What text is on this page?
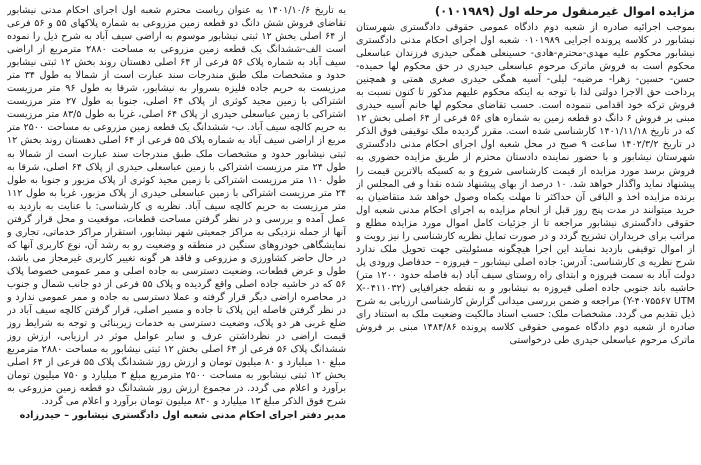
مزایده اموال غیرمنقول مرحله اول (۰۱۰۱۹۸۹)

بموجب اجرائیه صادره از شعبه دوم دادگاه عمومی حقوقی دادگستری شهرستان نیشابور در کلاسه پرونده اجرایی ۰۱۰۱۹۸۹ شعبه اول اجرای احکام مدنی دادگستری نیشابور محکوم علیه مهدی-محترم-هادی- حسینعلی همگی حیدری فرزندان عباسعلی محکوم است به فروش ماترک مرحوم عباسعلی حیدری در حق محکوم لها حمیده- حسن- حسین- زهرا- مرضیه- لیلی- آسیه همگی حیدری صغری همتی و همچنین پرداخت حق الاجرا دولتی لذا با توجه به اینکه محکوم علیهم مذکور تا کنون نسبت به فروش ترکه خود اقدامی ننموده است. حسب تقاضای محکوم لها خانم آسیه حیدری مبنی بر فروش ۶ دانگ دو قطعه زمین به شماره های ۵۶ فرعی از ۶۴ اصلی بخش ۱۲ که در تاریخ ۱۴۰۱/۱۱/۱۸ کارشناسی شده است. مقرر گردیده ملک توقیفی فوق الذکر در تاریخ ۱۴۰۲/۳/۲ ساعت ۹ صبح در محل شعبه اول اجرای احکام مدنی دادگستری شهرستان نیشابور و با حضور نماینده دادستان محترم از طریق مزایده حضوری به فروش برسد مورد مزایده از قیمت کارشناسی شروع و به کسیکه بالاترین قیمت را پیشنهاد نماید واگذار خواهد شد. ۱۰ درصد از بهای پیشنهاد شده نقدا و فی المجلس از برنده مزایده اخذ و الباقی آن حداکثر تا مهلت یکماه وصول خواهد شد متقاضیان به خرید میتوانند در مدت پنج روز قبل از انجام مزایده به اجرای احکام مدنی شعبه اول حقوقی دادگستری نیشابور مراجعه تا از جزئیات کامل اموال مورد مزایده مطلع و مراتب برای خریداران تشریح گردد و در صورت تمایل نظریه کارشناسی را نیز رویت و از اموال توقیفی بازدید نمایند این اجرا هیچگونه مسئولیتی جهت تحویل ملک ندارد شرح نظریه ی کارشناسی: آدرس: جاده اصلی نیشابور – فیروزه – حدفاصل ورودی پل دولت آباد به سمت فیروزه و ابتدای راه روستای سیف آباد (به فاصله حدود ۱۲۰۰ متر) حاشیه باند جنوبی جاده اصلی فیروزه به نیشابور و به نقطه جغرافیایی (X-۰۴۱۱۰۳۲ Y-۴۰۷۵۵۶۷ UTM) مراجعه و ضمن بررسی میدانی گزارش کارشناسی ارزیابی به شرح ذیل تقدیم می گردد. مشخصات ملک: حسب اسناد مالکیت وضعیت ملک به استناد رای صادره از شعبه دوم دادگاه عمومی حقوقی کلاسه پرونده ۱۴۸۴/۸۶ مبنی بر فروش ماترک مرحوم عباسعلی حیدری طی درخواستی

به تاریخ ۱۴۰۱/۱۰/۶ به عنوان ریاست محترم شعبه اول اجرای احکام مدنی نیشابور تقاضای فروش شش دانگ دو قطعه زمین مزروعی به شماره پلاکهای ۵۵ و ۵۶ فرعی از ۶۴ اصلی بخش ۱۲ ثبتی نیشابور موسوم به اراضی سیف آباد به شرح ذیل را نموده است الف-ششدانگ یک قطعه زمین مزروعی به مساحت ۲۸۸۰ مترمربع از اراضی سیف آباد به شماره پلاک ۵۶ فرعی از ۶۴ اصلی دهستان روند بخش ۱۲ ثبتی نیشابور حدود و مشخصات ملک طبق مندرجات سند عبارت است از شمالا به طول ۳۴ متر مرزیست به حریم جاده فلیزه بسروار به نیشابور، شرقا به طول ۹۶ متر مرزیست اشتراکی با زمین مجید کوثری از پلاک ۶۴ اصلی، جنوبا به طول ۲۷ متر مرزیست اشتراکی با زمین عباسعلی حیدری از پلاک ۶۴ اصلی، غربا به طول ۸۳/۵ متر مرزیست به حریم کالچه سیف آباد. ب- ششدانگ یک قطعه زمین مزروعی به مساحت ۲۵۰۰ متر مربع از اراضی سیف آباد به شماره پلاک ۵۵ فرعی از ۶۴ اصلی دهستان روند بخش ۱۲ ثبتی نیشابور حدود و مشخصات ملک طبق مندرجات سند عبارت است از شمالا به طول ۲۴ متر مرزیست اشتراکی با زمین عباسعلی حیدری از پلاک ۶۴ اصلی، شرقا به طول ۱۱۰ متر مرزیست اشتراکی با زمین مجید کوثری از پلاک مزبور و جنوبا به طول ۲۴ متر مرزیست اشتراکی با زمین عباسعلی حیدری از پلاک مزبور، غربا به طول ۱۱۲ متر مرزیست به حریم کالچه سیف آباد. نظریه ی کارشناسی: با عنایت به بازدید به عمل آمده و بررسی و در نظر گرفتن مساحت قطعات، موقعیت و محل قرار گرفتن آنها از جمله نزدیکی به مراکز جمعیتی شهر نیشابور، استقرار مراکز خدماتی، تجاری و نمایشگاهی خودروهای سنگین در منطقه و وضعیت رو به رشد آن، نوع کاربری آنها که در حال حاضر کشاورزی و مزروعی و فاقد هر گونه تغییر کاربری غیرمجاز می باشد، طول و عرض قطعات، وضعیت دسترسی به جاده اصلی و ممر عمومی خصوصا پلاک ۵۶ که در حاشیه جاده اصلی واقع گردیده و پلاک ۵۵ فرعی از دو جانب شمال و جنوب در محاصره اراضی دیگر قرار گرفته و عملا دسترسی به جاده و ممر عمومی ندارد و در نظر گرفتن فاصله این پلاک تا جاده و مسیر اصلی، قرار گرفتن کالچه سیف آباد در ضلع غربی هر دو پلاک، وضعیت دسترسی به خدمات زیربنائی و توجه به شرایط روز قیمت اراضی در نظرداشتن عرف و سایر عوامل موثر در ارزیابی، ارزش روز ششدانگ پلاک ۵۶ فرعی از ۶۴ اصلی بخش ۱۲ ثبتی نیشابور به مساحت ۲۸۸۰ مترمربع مبلغ ۱۰ میلیارد و ۸۰ میلیون تومان و ارزش روز ششدانگ پلاک ۵۵ فرعی از ۶۴ اصلی بخش ۱۲ ثبتی نیشابور به مساحت ۲۵۰۰ مترمربع مبلغ ۳ میلیارد و ۷۵۰ میلیون تومان برآورد و اعلام می گردد. در مجموع ارزش روز ششدانگ دو قطعه زمین مزروعی به شرح فوق الذکر مبلغ ۱۳ میلیارد و ۸۳۰ میلیون تومان برآورد و اعلام می گردد.

مدیر دفتر اجرای احکام مدنی شعبه اول دادگستری نیشابور – حیدرزاده
